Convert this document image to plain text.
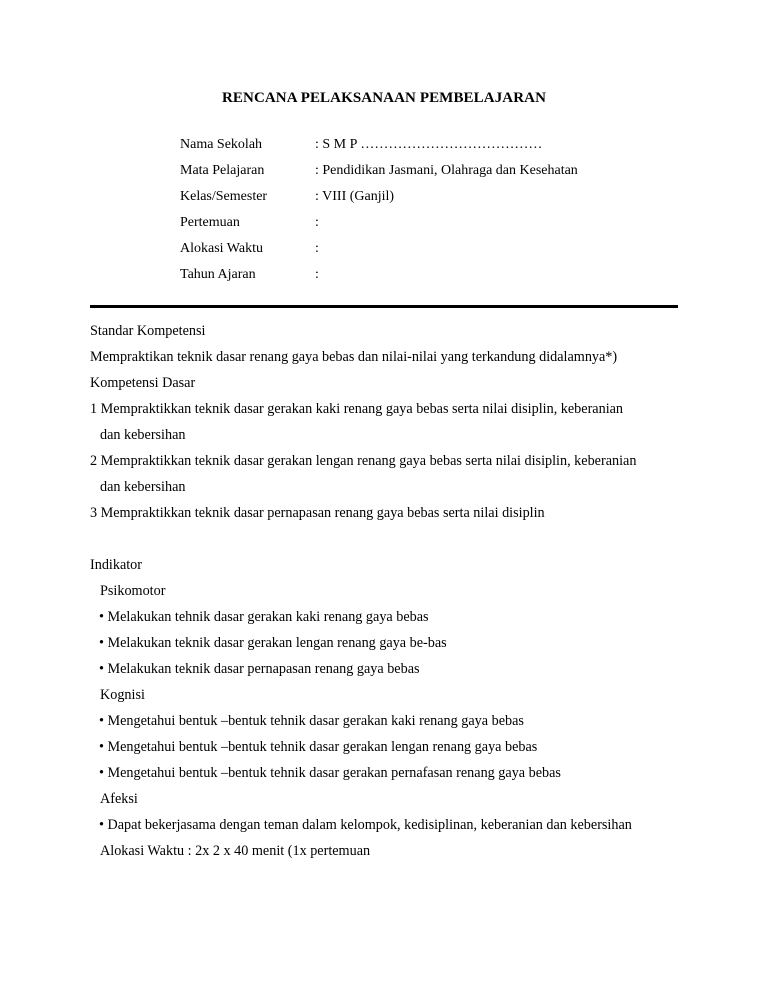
RENCANA PELAKSANAAN PEMBELAJARAN
Nama Sekolah	: S M P …………………………………
Mata Pelajaran	: Pendidikan Jasmani, Olahraga dan Kesehatan
Kelas/Semester	: VIII (Ganjil)
Pertemuan	:
Alokasi Waktu	:
Tahun Ajaran	:
Standar Kompetensi
Mempraktikan teknik dasar renang gaya bebas dan nilai-nilai yang terkandung didalamnya*)
Kompetensi Dasar
1 Mempraktikkan teknik dasar gerakan kaki renang gaya bebas serta nilai disiplin, keberanian
dan kebersihan
2 Mempraktikkan teknik dasar gerakan lengan renang gaya bebas serta nilai disiplin, keberanian
dan kebersihan
3 Mempraktikkan teknik dasar pernapasan renang gaya bebas serta nilai disiplin
Indikator
Psikomotor
• Melakukan tehnik dasar gerakan kaki renang gaya bebas
• Melakukan teknik dasar gerakan lengan renang gaya be-bas
• Melakukan teknik dasar pernapasan renang gaya bebas
Kognisi
• Mengetahui bentuk –bentuk tehnik dasar gerakan kaki renang gaya bebas
• Mengetahui bentuk –bentuk tehnik dasar gerakan lengan renang gaya bebas
• Mengetahui bentuk –bentuk tehnik dasar gerakan pernafasan renang gaya bebas
Afeksi
• Dapat bekerjasama dengan teman dalam kelompok, kedisiplinan, keberanian dan kebersihan
Alokasi Waktu : 2x 2 x 40 menit (1x pertemuan
